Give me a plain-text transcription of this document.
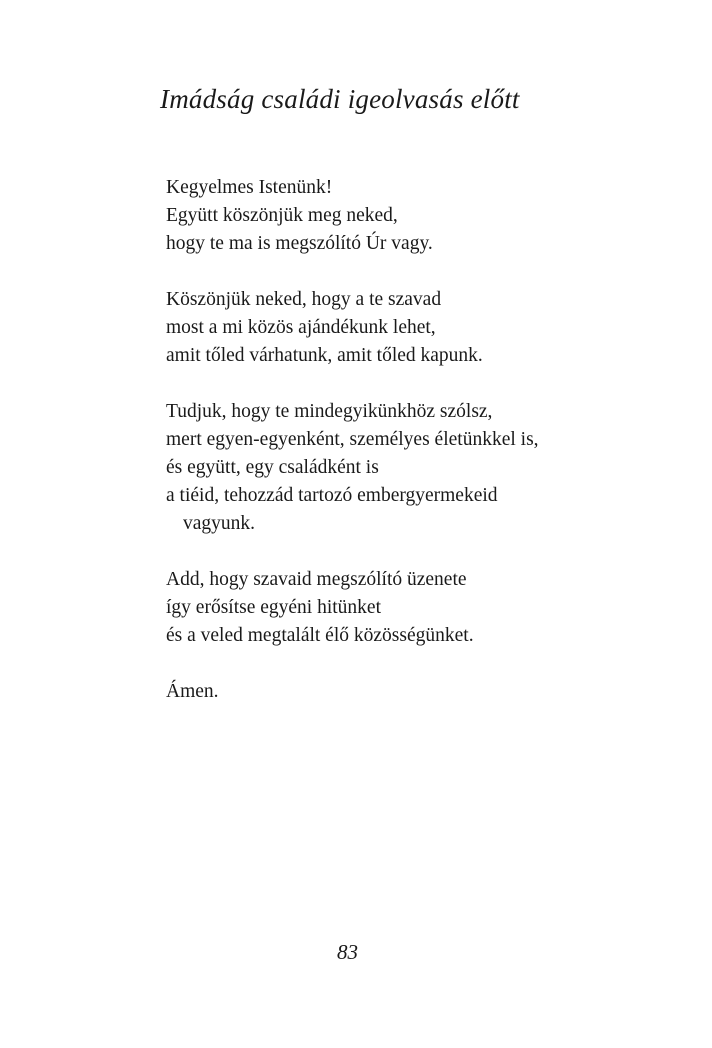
Imádság családi igeolvasás előtt
Kegyelmes Istenünk!
Együtt köszönjük meg neked,
hogy te ma is megszólító Úr vagy.
Köszönjük neked, hogy a te szavad
most a mi közös ajándékunk lehet,
amit tőled várhatunk, amit tőled kapunk.
Tudjuk, hogy te mindegyikünkhöz szólsz,
mert egyen-egyenként, személyes életünkkel is,
és együtt, egy családként is
a tiéid, tehozzád tartozó embergyermekeid
vagyunk.
Add, hogy szavaid megszólító üzenete
így erősítse egyéni hitünket
és a veled megtalált élő közösségünket.
Ámen.
83
